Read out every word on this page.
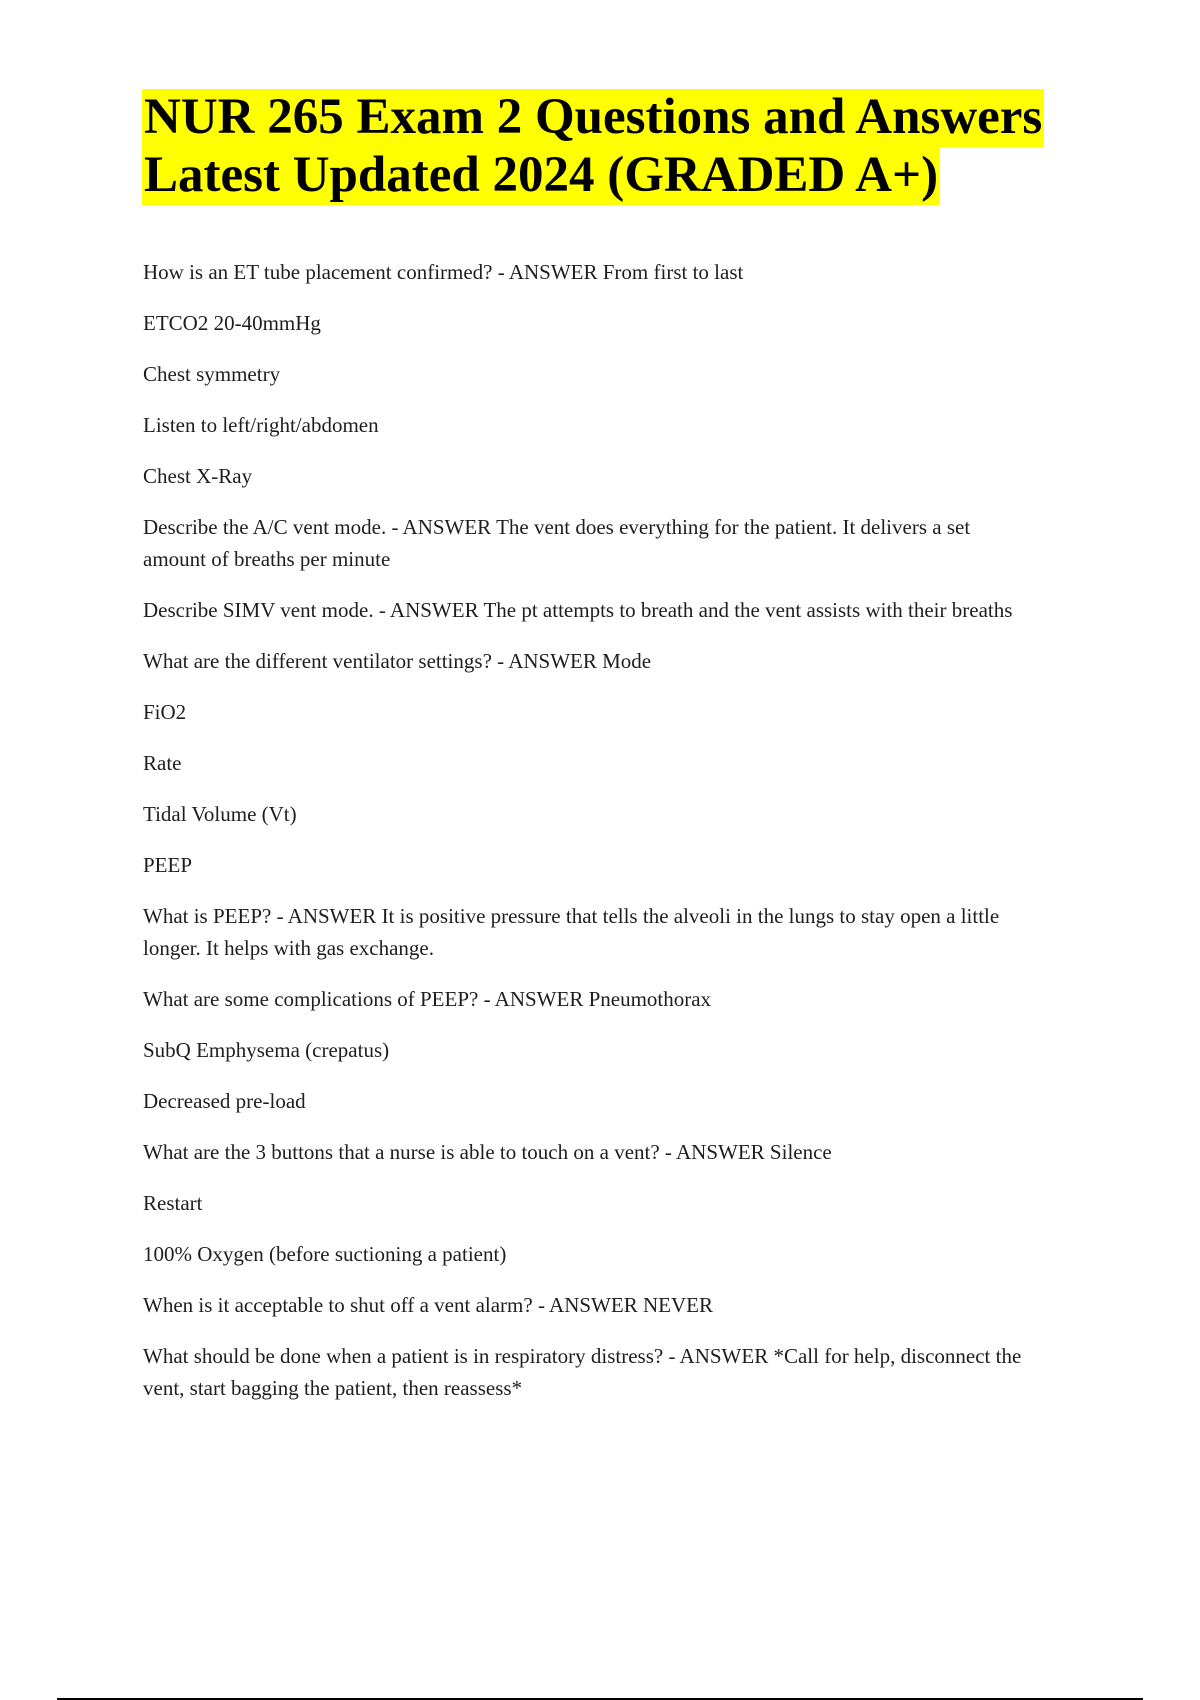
NUR 265 Exam 2 Questions and Answers
Latest Updated 2024 (GRADED A+)

How is an ET tube placement confirmed? - ANSWER From first to last

ETCO2 20-40mmHg

Chest symmetry

Listen to left/right/abdomen

Chest X-Ray

Describe the A/C vent mode. - ANSWER The vent does everything for the patient. It delivers a set amount of breaths per minute

Describe SIMV vent mode. - ANSWER The pt attempts to breath and the vent assists with their breaths

What are the different ventilator settings? - ANSWER Mode

FiO2

Rate

Tidal Volume (Vt)

PEEP

What is PEEP? - ANSWER It is positive pressure that tells the alveoli in the lungs to stay open a little longer. It helps with gas exchange.

What are some complications of PEEP? - ANSWER Pneumothorax

SubQ Emphysema (crepatus)

Decreased pre-load

What are the 3 buttons that a nurse is able to touch on a vent? - ANSWER Silence

Restart

100% Oxygen (before suctioning a patient)

When is it acceptable to shut off a vent alarm? - ANSWER NEVER

What should be done when a patient is in respiratory distress? - ANSWER *Call for help, disconnect the vent, start bagging the patient, then reassess*
